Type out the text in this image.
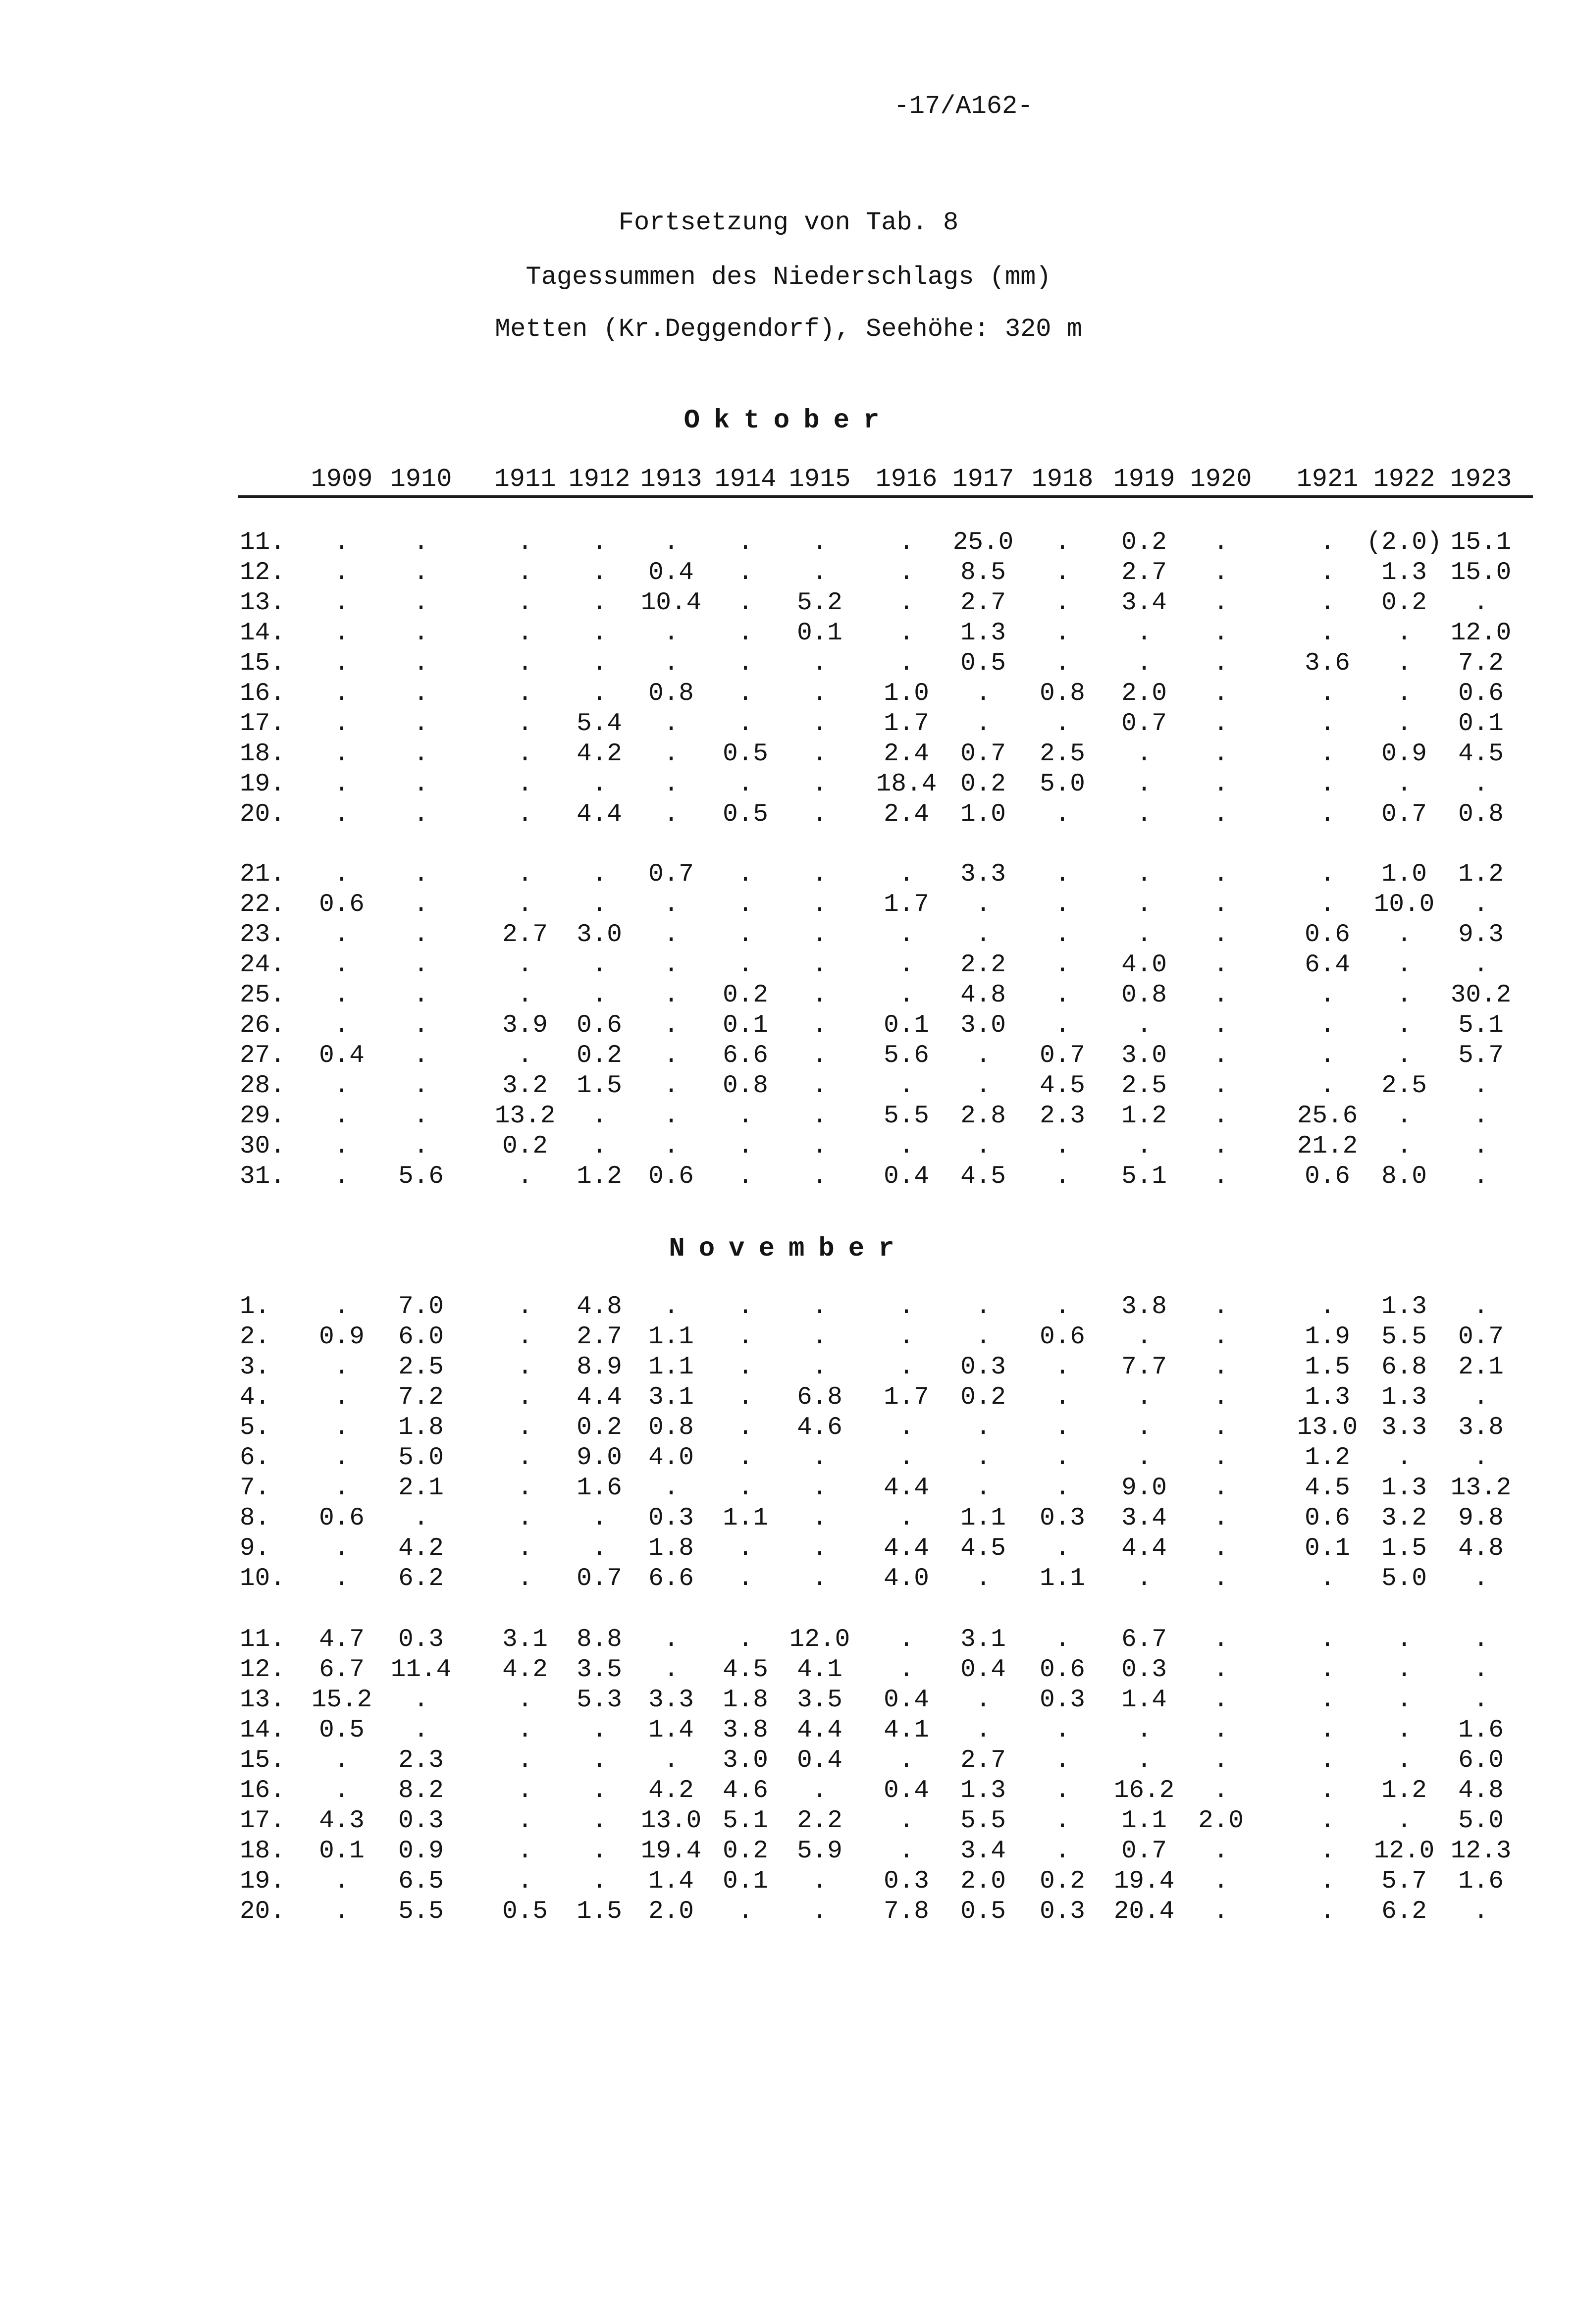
-17/A162-
Fortsetzung von Tab. 8
Tagessummen des Niederschlags (mm)
Metten (Kr.Deggendorf), Seehöhe: 320 m
Oktober
1909 1910	1911 1912 1913 1914 1915 1916 1917 1918 1919 1920	1921 1922 1923
11.	.	.	.	.	.	.	.	.	25.0	.	0.2	.	.	(2.0) 15.1
12.	.	.	.	.	0.4	.	.	.	8.5	.	2.7	.	.	1.3 15.0
13.	.	.	.	.	10.4	.	5.2	.	2.7	.	3.4	.	.	0.2	.
14.	.	.	.	.	.	.	0.1	.	1.3	.	.	.	.	.	12.0
15.	.	.	.	.	.	.	.	.	0.5	.	.	.	3.6	.	7.2
16.	.	.	.	.	0.8	.	.	1.0	.	0.8	2.0	.	.	.	0.6
17.	.	.	.	5.4	.	.	.	1.7	.	.	0.7	.	.	.	0.1
18.	.	.	.	4.2	.	0.5	.	2.4	0.7	2.5	.	.	.	0.9	4.5
19.	.	.	.	.	.	.	.	18.4 0.2	5.0	.	.	.	.	.
20.	.	.	.	4.4	.	0.5	.	2.4	1.0	.	.	.	.	0.7	0.8
21.	.	.	.	.	0.7	.	.	.	3.3	.	.	.	.	1.0	1.2
22.	0.6	.	.	.	.	.	.	1.7	.	.	.	.	.	10.0	.
23.	.	.	2.7	3.0	.	.	.	.	.	.	.	.	0.6	.	9.3
24.	.	.	.	.	.	.	.	.	2.2	.	4.0	.	6.4	.	.
25.	.	.	.	.	.	0.2	.	.	4.8	.	0.8	.	.	.	30.2
26.	.	.	3.9	0.6	.	0.1	.	0.1	3.0	.	.	.	.	.	5.1
27.	0.4	.	.	0.2	.	6.6	.	5.6	.	0.7	3.0	.	.	.	5.7
28.	.	.	3.2	1.5	.	0.8	.	.	.	4.5	2.5	.	.	2.5	.
29.	.	.	13.2	.	.	.	.	5.5	2.8	2.3	1.2	.	25.6	.	.
30.	.	.	0.2	.	.	.	.	.	.	.	.	.	21.2	.	.
31.	.	5.6	.	1.2	0.6	.	.	0.4	4.5	.	5.1	.	0.6	8.0	.
November
1.	.	7.0	.	4.8	.	.	.	.	.	.	3.8	.	.	1.3	.
2.	0.9	6.0	.	2.7	1.1	.	.	.	.	0.6	.	.	1.9	5.5	0.7
3.	.	2.5	.	8.9	1.1	.	.	.	0.3	.	7.7	.	1.5	6.8	2.1
4.	.	7.2	.	4.4	3.1	.	6.8	1.7	0.2	.	.	.	1.3	1.3	.
5.	.	1.8	.	0.2	0.8	.	4.6	.	.	.	.	.	13.0 3.3	3.8
6.	.	5.0	.	9.0	4.0	.	.	.	.	.	.	.	1.2	.	.
7.	.	2.1	.	1.6	.	.	.	4.4	.	.	9.0	.	4.5	1.3 13.2
8.	0.6	.	.	.	0.3	1.1	.	.	1.1	0.3	3.4	.	0.6	3.2	9.8
9.	.	4.2	.	.	1.8	.	.	4.4	4.5	.	4.4	.	0.1	1.5	4.8
10.	.	6.2	.	0.7	6.6	.	.	4.0	.	1.1	.	.	.	5.0	.
11.	4.7	0.3	3.1	8.8	.	.	12.0	.	3.1	.	6.7	.	.	.	.
12.	6.7	11.4	4.2	3.5	.	4.5	4.1	.	0.4	0.6	0.3	.	.	.	.
13.	15.2	.	.	5.3	3.3	1.8	3.5	0.4	.	0.3	1.4	.	.	.	.
14.	0.5	.	.	.	1.4	3.8	4.4	4.1	.	.	.	.	.	.	1.6
15.	.	2.3	.	.	.	3.0	0.4	.	2.7	.	.	.	.	.	6.0
16.	.	8.2	.	.	4.2	4.6	.	0.4	1.3	.	16.2	.	.	1.2	4.8
17.	4.3	0.3	.	.	13.0 5.1	2.2	.	5.5	.	1.1	2.0	.	.	5.0
18.	0.1	0.9	.	.	19.4 0.2	5.9	.	3.4	.	0.7	.	.	12.0 12.3
19.	.	6.5	.	.	1.4	0.1	.	0.3	2.0	0.2	19.4	.	.	5.7	1.6
20.	.	5.5	0.5	1.5	2.0	.	.	7.8	0.5	0.3	20.4	.	.	6.2	.
